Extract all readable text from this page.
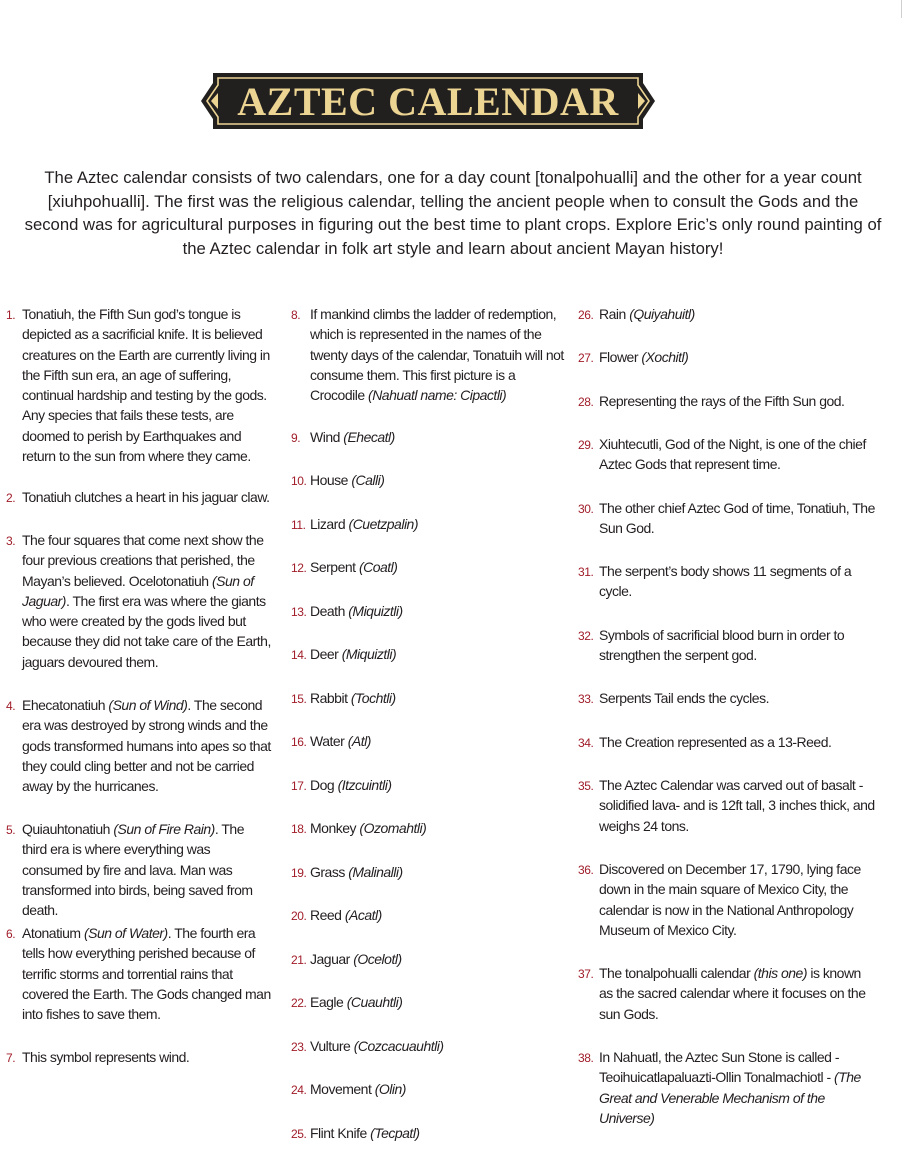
AZTEC CALENDAR
The Aztec calendar consists of two calendars, one for a day count [tonalpohualli] and the other for a year count [xiuhpohualli]. The first was the religious calendar, telling the ancient people when to consult the Gods and the second was for agricultural purposes in figuring out the best time to plant crops. Explore Eric’s only round painting of the Aztec calendar in folk art style and learn about ancient Mayan history!
1. Tonatiuh, the Fifth Sun god’s tongue is depicted as a sacrificial knife. It is believed creatures on the Earth are currently living in the Fifth sun era, an age of suffering, continual hardship and testing by the gods. Any species that fails these tests, are doomed to perish by Earthquakes and return to the sun from where they came.
2. Tonatiuh clutches a heart in his jaguar claw.
3. The four squares that come next show the four previous creations that perished, the Mayan’s believed. Ocelotonatiuh (Sun of Jaguar). The first era was where the giants who were created by the gods lived but because they did not take care of the Earth, jaguars devoured them.
4. Ehecatonatiuh (Sun of Wind). The second era was destroyed by strong winds and the gods transformed humans into apes so that they could cling better and not be carried away by the hurricanes.
5. Quiauhtonatiuh (Sun of Fire Rain). The third era is where everything was consumed by fire and lava. Man was transformed into birds, being saved from death.
6. Atonatium (Sun of Water). The fourth era tells how everything perished because of terrific storms and torrential rains that covered the Earth. The Gods changed man into fishes to save them.
7. This symbol represents wind.
8. If mankind climbs the ladder of redemption, which is represented in the names of the twenty days of the calendar, Tonatuih will not consume them. This first picture is a Crocodile (Nahuatl name: Cipactli)
9. Wind (Ehecatl)
10. House (Calli)
11. Lizard (Cuetzpalin)
12. Serpent (Coatl)
13. Death (Miquiztli)
14. Deer (Miquiztli)
15. Rabbit (Tochtli)
16. Water (Atl)
17. Dog (Itzcuintli)
18. Monkey (Ozomahtli)
19. Grass (Malinalli)
20. Reed (Acatl)
21. Jaguar (Ocelotl)
22. Eagle (Cuauhtli)
23. Vulture (Cozcacuauhtli)
24. Movement (Olin)
25. Flint Knife (Tecpatl)
26. Rain (Quiyahuitl)
27. Flower (Xochitl)
28. Representing the rays of the Fifth Sun god.
29. Xiuhtecutli, God of the Night, is one of the chief Aztec Gods that represent time.
30. The other chief Aztec God of time, Tonatiuh, The Sun God.
31. The serpent’s body shows 11 segments of a cycle.
32. Symbols of sacrificial blood burn in order to strengthen the serpent god.
33. Serpents Tail ends the cycles.
34. The Creation represented as a 13-Reed.
35. The Aztec Calendar was carved out of basalt -solidified lava- and is 12ft tall, 3 inches thick, and weighs 24 tons.
36. Discovered on December 17, 1790, lying face down in the main square of Mexico City, the calendar is now in the National Anthropology Museum of Mexico City.
37. The tonalpohualli calendar (this one) is known as the sacred calendar where it focuses on the sun Gods.
38. In Nahuatl, the Aztec Sun Stone is called - Teoihuicatlapaluazti-Ollin Tonalmachiotl - (The Great and Venerable Mechanism of the Universe)
